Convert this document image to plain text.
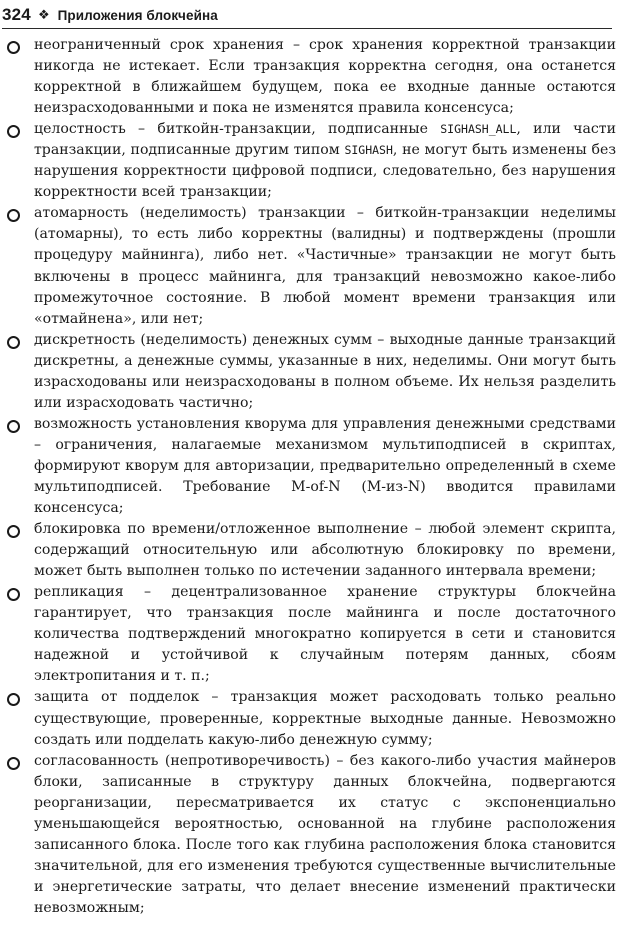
324 ❖ Приложения блокчейна
неограниченный срок хранения – срок хранения корректной транзакции никогда не истекает. Если транзакция корректна сегодня, она останется корректной в ближайшем будущем, пока ее входные данные остаются неизрасходованными и пока не изменятся правила консенсуса;
целостность – биткойн-транзакции, подписанные SIGHASH_ALL, или части транзакции, подписанные другим типом SIGHASH, не могут быть изменены без нарушения корректности цифровой подписи, следовательно, без нарушения корректности всей транзакции;
атомарность (неделимость) транзакции – биткойн-транзакции неделимы (атомарны), то есть либо корректны (валидны) и подтверждены (прошли процедуру майнинга), либо нет. «Частичные» транзакции не могут быть включены в процесс майнинга, для транзакций невозможно какое-либо промежуточное состояние. В любой момент времени транзакция или «отмайнена», или нет;
дискретность (неделимость) денежных сумм – выходные данные транзакций дискретны, а денежные суммы, указанные в них, неделимы. Они могут быть израсходованы или неизрасходованы в полном объеме. Их нельзя разделить или израсходовать частично;
возможность установления кворума для управления денежными средствами – ограничения, налагаемые механизмом мультиподписей в скриптах, формируют кворум для авторизации, предварительно определенный в схеме мультиподписей. Требование M-of-N (M-из-N) вводится правилами консенсуса;
блокировка по времени/отложенное выполнение – любой элемент скрипта, содержащий относительную или абсолютную блокировку по времени, может быть выполнен только по истечении заданного интервала времени;
репликация – децентрализованное хранение структуры блокчейна гарантирует, что транзакция после майнинга и после достаточного количества подтверждений многократно копируется в сети и становится надежной и устойчивой к случайным потерям данных, сбоям электропитания и т. п.;
защита от подделок – транзакция может расходовать только реально существующие, проверенные, корректные выходные данные. Невозможно создать или подделать какую-либо денежную сумму;
согласованность (непротиворечивость) – без какого-либо участия майнеров блоки, записанные в структуру данных блокчейна, подвергаются реорганизации, пересматривается их статус с экспоненциально уменьшающейся вероятностью, основанной на глубине расположения записанного блока. После того как глубина расположения блока становится значительной, для его изменения требуются существенные вычислительные и энергетические затраты, что делает внесение изменений практически невозможным;
